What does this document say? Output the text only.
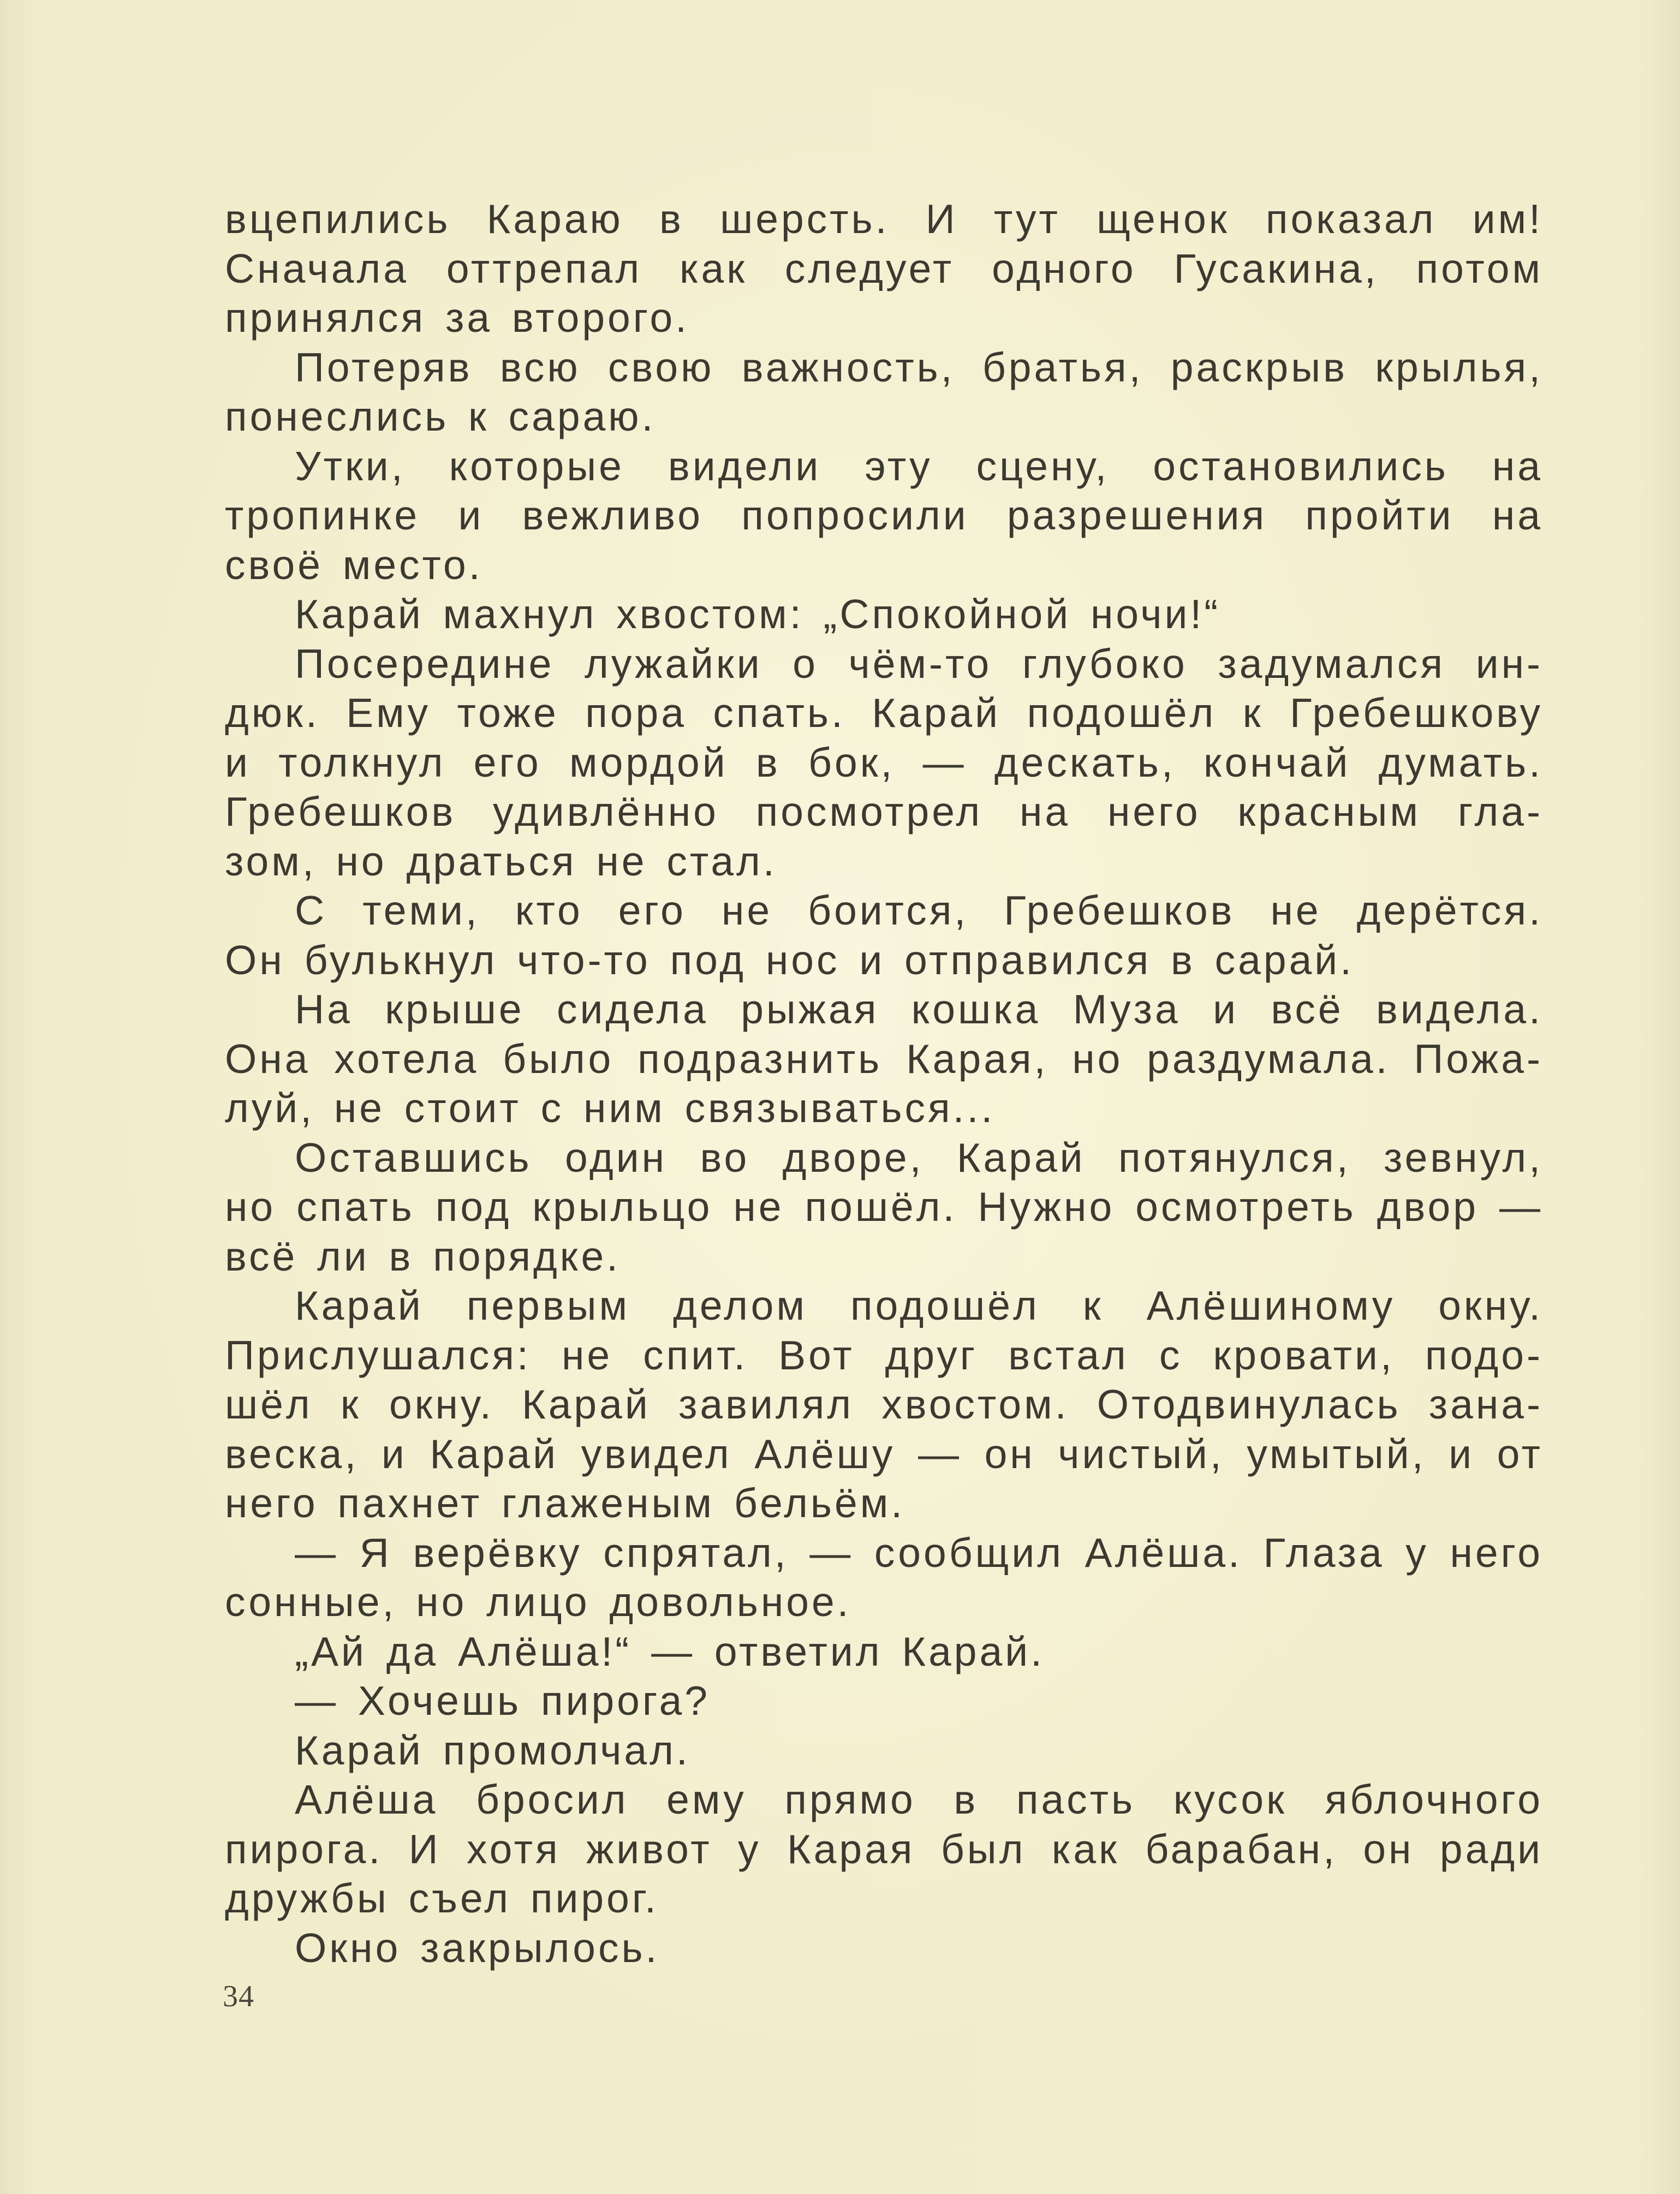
вцепились Караю в шерсть. И тут щенок показал им!
Сначала оттрепал как следует одного Гусакина, потом
принялся за второго.
Потеряв всю свою важность, братья, раскрыв крылья,
понеслись к сараю.
Утки, которые видели эту сцену, остановились на
тропинке и вежливо попросили разрешения пройти на
своё место.
Карай махнул хвостом: „Спокойной ночи!“
Посередине лужайки о чём-то глубоко задумался ин-
дюк. Ему тоже пора спать. Карай подошёл к Гребешкову
и толкнул его мордой в бок, — дескать, кончай думать.
Гребешков удивлённо посмотрел на него красным гла-
зом, но драться не стал.
С теми, кто его не боится, Гребешков не дерётся.
Он булькнул что-то под нос и отправился в сарай.
На крыше сидела рыжая кошка Муза и всё видела.
Она хотела было подразнить Карая, но раздумала. Пожа-
луй, не стоит с ним связываться...
Оставшись один во дворе, Карай потянулся, зевнул,
но спать под крыльцо не пошёл. Нужно осмотреть двор —
всё ли в порядке.
Карай первым делом подошёл к Алёшиному окну.
Прислушался: не спит. Вот друг встал с кровати, подо-
шёл к окну. Карай завилял хвостом. Отодвинулась зана-
веска, и Карай увидел Алёшу — он чистый, умытый, и от
него пахнет глаженым бельём.
— Я верёвку спрятал, — сообщил Алёша. Глаза у него
сонные, но лицо довольное.
„Ай да Алёша!“ — ответил Карай.
— Хочешь пирога?
Карай промолчал.
Алёша бросил ему прямо в пасть кусок яблочного
пирога. И хотя живот у Карая был как барабан, он ради
дружбы съел пирог.
Окно закрылось.
34
